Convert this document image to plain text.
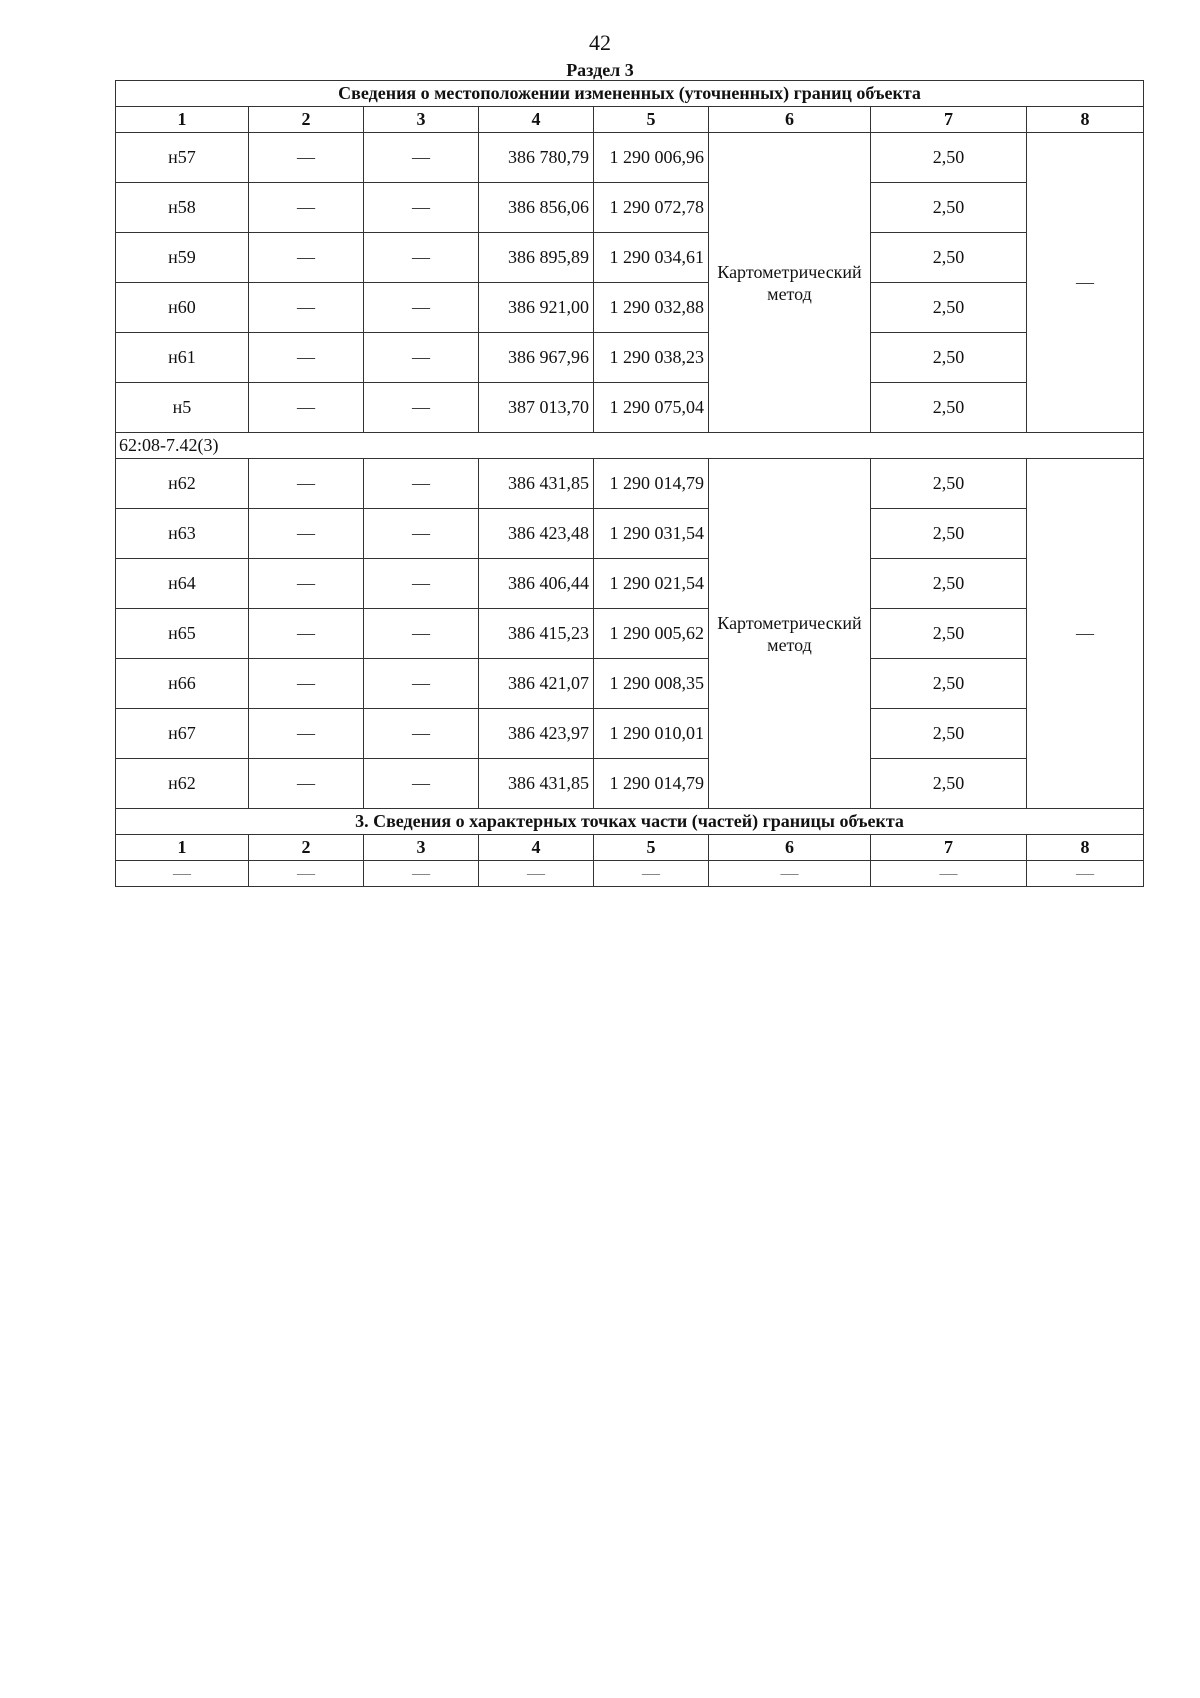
42
Раздел 3
Сведения о местоположении измененных (уточненных) границ объекта							
1	2	3	4	5	6	7	8
н57	—	—	386 780,79	1 290 006,96	Картометрический метод	2,50	—
н58	—	—	386 856,06	1 290 072,78		2,50	
н59	—	—	386 895,89	1 290 034,61		2,50	
н60	—	—	386 921,00	1 290 032,88		2,50	
н61	—	—	386 967,96	1 290 038,23		2,50	
н5	—	—	387 013,70	1 290 075,04		2,50	
62:08-7.42(3)							
н62	—	—	386 431,85	1 290 014,79	Картометрический метод	2,50	—
н63	—	—	386 423,48	1 290 031,54		2,50	
н64	—	—	386 406,44	1 290 021,54		2,50	
н65	—	—	386 415,23	1 290 005,62		2,50	
н66	—	—	386 421,07	1 290 008,35		2,50	
н67	—	—	386 423,97	1 290 010,01		2,50	
н62	—	—	386 431,85	1 290 014,79		2,50	
3. Сведения о характерных точках части (частей) границы объекта							
1	2	3	4	5	6	7	8
—	—	—	—	—	—	—	—
